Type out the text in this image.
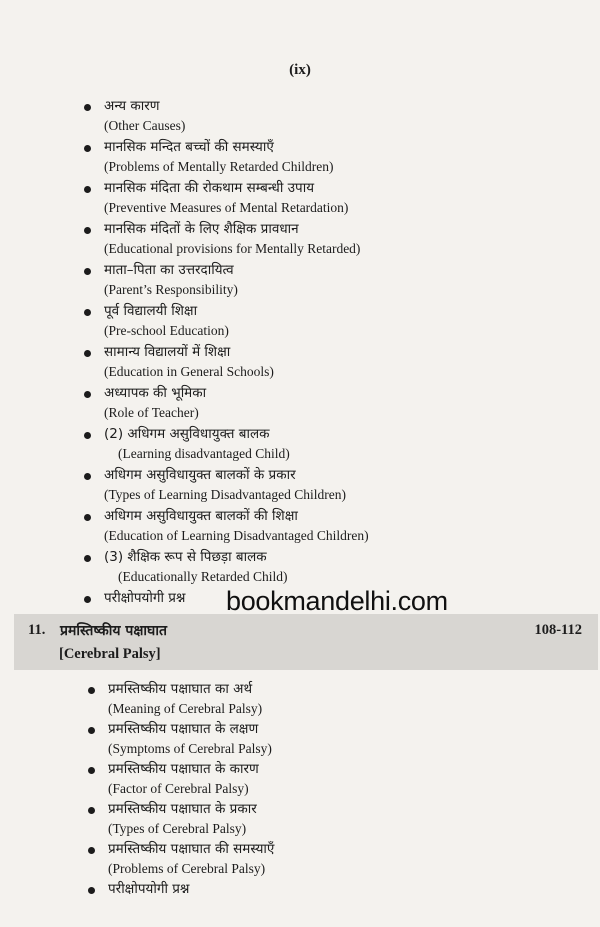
(ix)
अन्य कारण
(Other Causes)
मानसिक मन्दित बच्चों की समस्याएँ
(Problems of Mentally Retarded Children)
मानसिक मंदिता की रोकथाम सम्बन्धी उपाय
(Preventive Measures of Mental Retardation)
मानसिक मंदितों के लिए शैक्षिक प्रावधान
(Educational provisions for Mentally Retarded)
माता–पिता का उत्तरदायित्व
(Parent’s Responsibility)
पूर्व विद्यालयी शिक्षा
(Pre-school Education)
सामान्य विद्यालयों में शिक्षा
(Education in General Schools)
अध्यापक की भूमिका
(Role of Teacher)
(2) अधिगम असुविधायुक्त बालक
(Learning disadvantaged Child)
अधिगम असुविधायुक्त बालकों के प्रकार
(Types of Learning Disadvantaged Children)
अधिगम असुविधायुक्त बालकों की शिक्षा
(Education of Learning Disadvantaged Children)
(3) शैक्षिक रूप से पिछड़ा बालक
(Educationally Retarded Child)
परीक्षोपयोगी प्रश्न
11. प्रमस्तिष्कीय पक्षाघात	108-112
[Cerebral Palsy]
bookmandelhi.com
प्रमस्तिष्कीय पक्षाघात का अर्थ
(Meaning of Cerebral Palsy)
प्रमस्तिष्कीय पक्षाघात के लक्षण
(Symptoms of Cerebral Palsy)
प्रमस्तिष्कीय पक्षाघात के कारण
(Factor of Cerebral Palsy)
प्रमस्तिष्कीय पक्षाघात के प्रकार
(Types of Cerebral Palsy)
प्रमस्तिष्कीय पक्षाघात की समस्याएँ
(Problems of Cerebral Palsy)
परीक्षोपयोगी प्रश्न
